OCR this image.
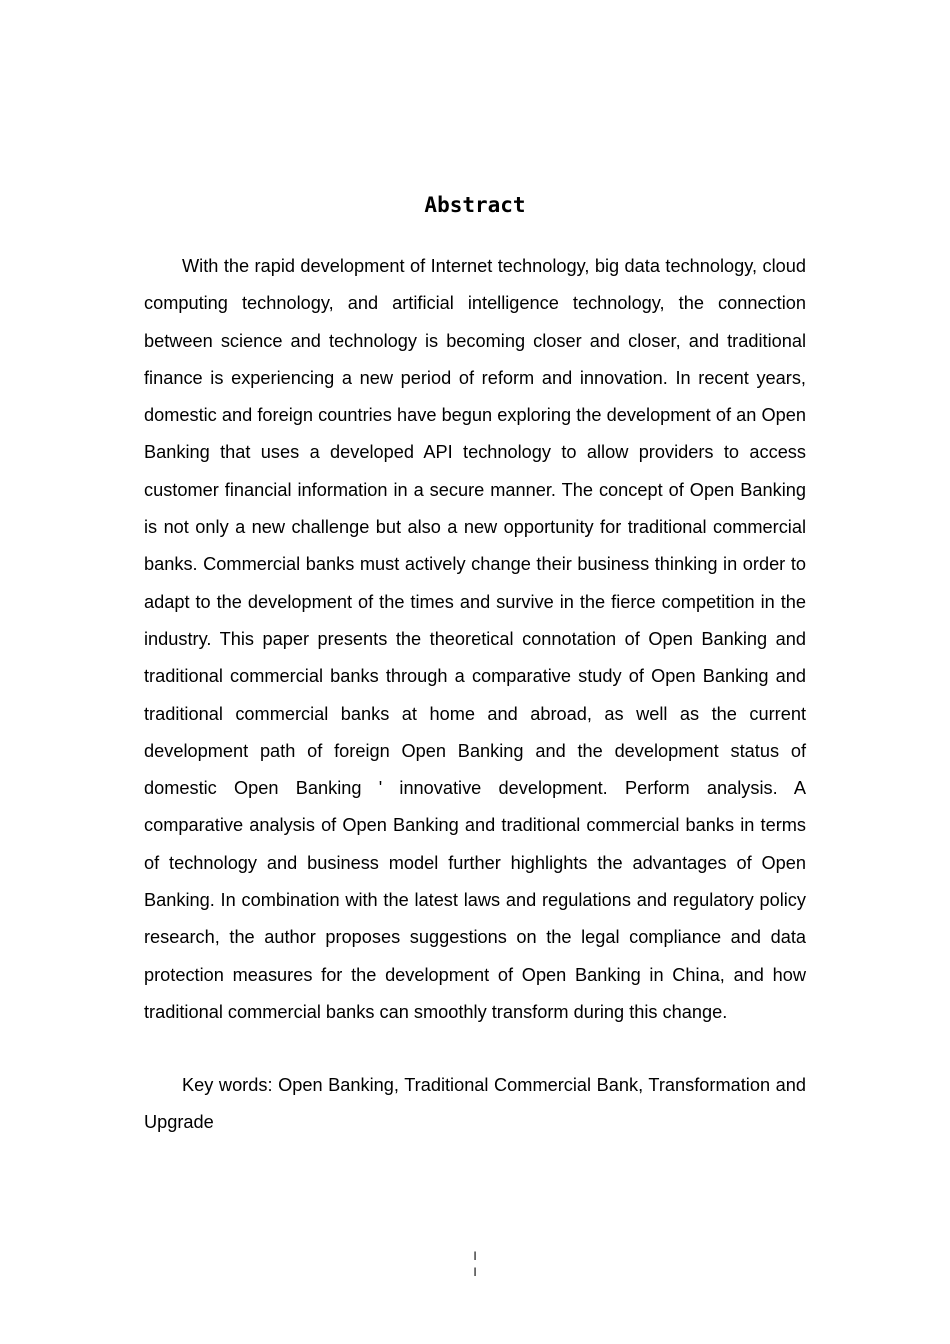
Abstract

With the rapid development of Internet technology, big data technology, cloud computing technology, and artificial intelligence technology, the connection between science and technology is becoming closer and closer, and traditional finance is experiencing a new period of reform and innovation. In recent years, domestic and foreign countries have begun exploring the development of an Open Banking that uses a developed API technology to allow providers to access customer financial information in a secure manner. The concept of Open Banking is not only a new challenge but also a new opportunity for traditional commercial banks. Commercial banks must actively change their business thinking in order to adapt to the development of the times and survive in the fierce competition in the industry. This paper presents the theoretical connotation of Open Banking and traditional commercial banks through a comparative study of Open Banking and traditional commercial banks at home and abroad, as well as the current development path of foreign Open Banking and the development status of domestic Open Banking ' innovative development. Perform analysis. A comparative analysis of Open Banking and traditional commercial banks in terms of technology and business model further highlights the advantages of Open Banking. In combination with the latest laws and regulations and regulatory policy research, the author proposes suggestions on the legal compliance and data protection measures for the development of Open Banking in China, and how traditional commercial banks can smoothly transform during this change.

Key words: Open Banking, Traditional Commercial Bank, Transformation and Upgrade

I
I
